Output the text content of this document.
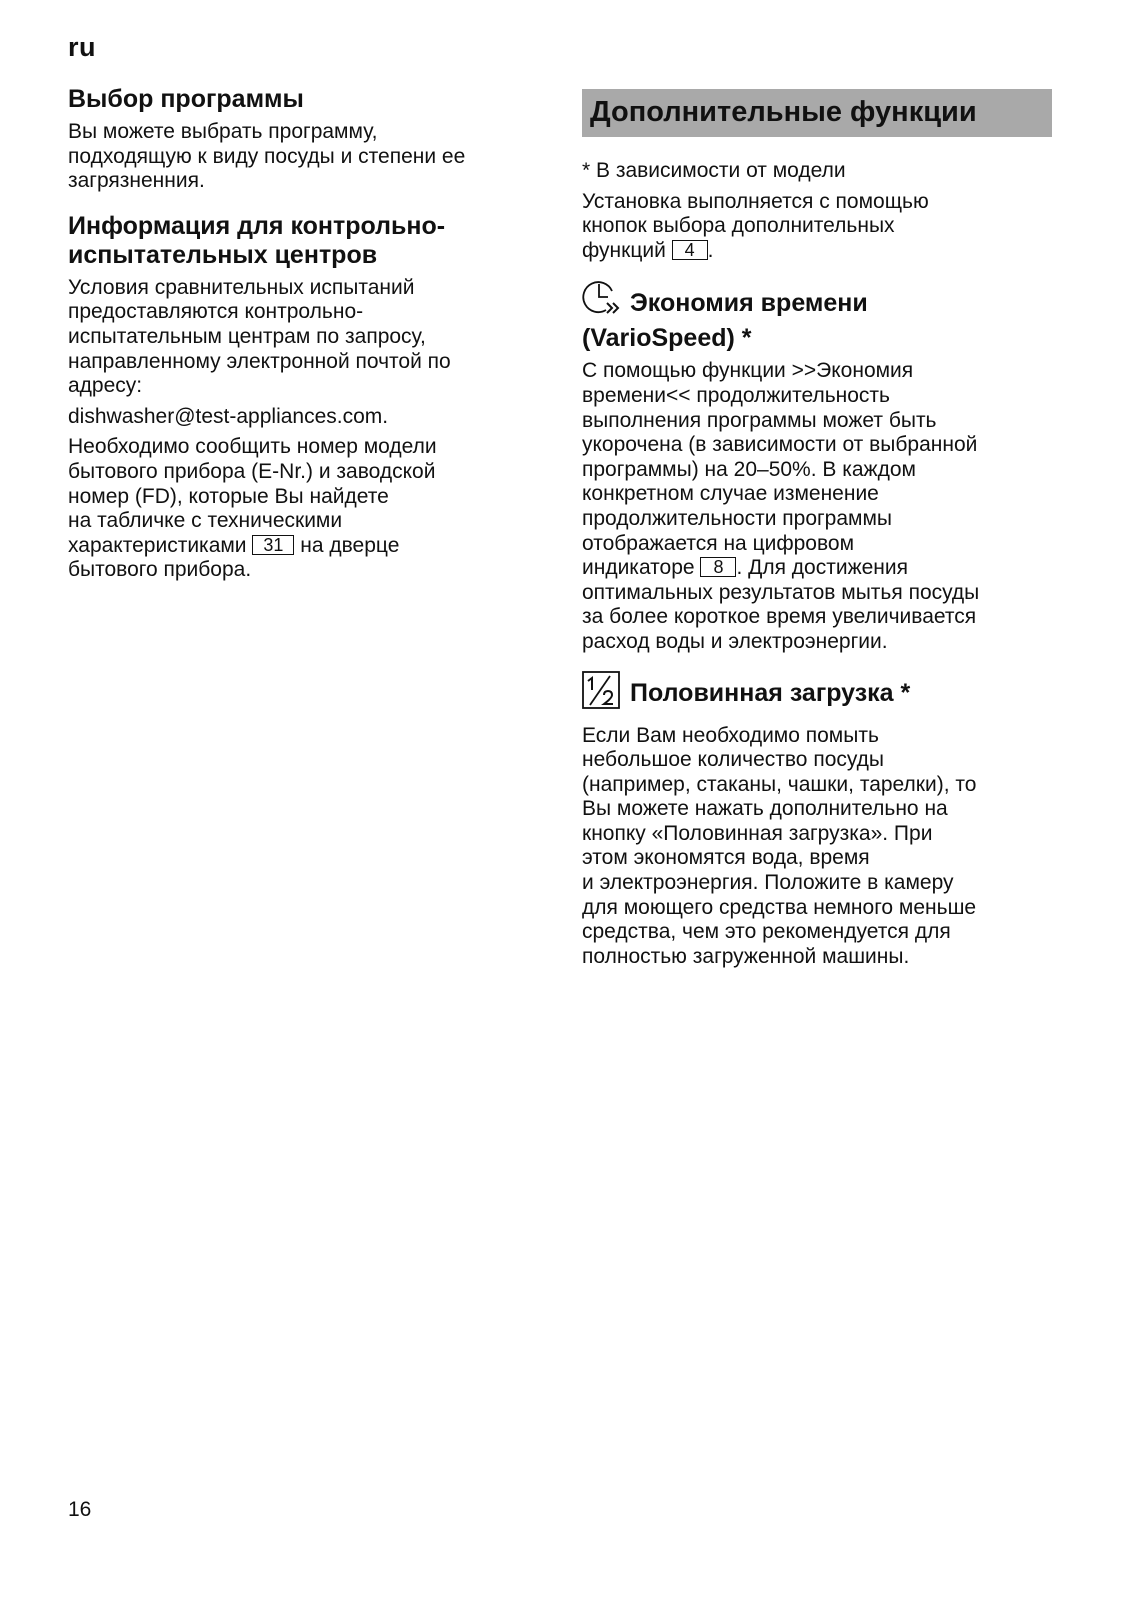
ru
Выбор программы

Вы можете выбрать программу,
подходящую к виду посуды и степени ее
загрязненния.

Информация для контрольно-
испытательных центров

Условия сравнительных испытаний
предоставляются контрольно-
испытательным центрам по запросу,
направленному электронной почтой по
адресу:

dishwasher@test-appliances.com.

Необходимо сообщить номер модели
бытового прибора (E-Nr.) и заводской
номер (FD), которые Вы найдете
на табличке с техническими
характеристиками 31 на дверце
бытового прибора.

Дополнительные функции

* В зависимости от модели

Установка выполняется с помощью
кнопок выбора дополнительных
функций 4 .

Экономия времени
(VarioSpeed) *

С помощью функции >>Экономия
времени<< продолжительность
выполнения программы может быть
укорочена (в зависимости от выбранной
программы) на 20–50%. В каждом
конкретном случае изменение
продолжительности программы
отображается на цифровом
индикаторе 8 . Для достижения
оптимальных результатов мытья посуды
за более короткое время увеличивается
расход воды и электроэнергии.

Половинная загрузка *

Если Вам необходимо помыть
небольшое количество посуды
(например, стаканы, чашки, тарелки), то
Вы можете нажать дополнительно на
кнопку «Половинная загрузка». При
этом экономятся вода, время
и электроэнергия. Положите в камеру
для моющего средства немного меньше
средства, чем это рекомендуется для
полностью загруженной машины.

16
